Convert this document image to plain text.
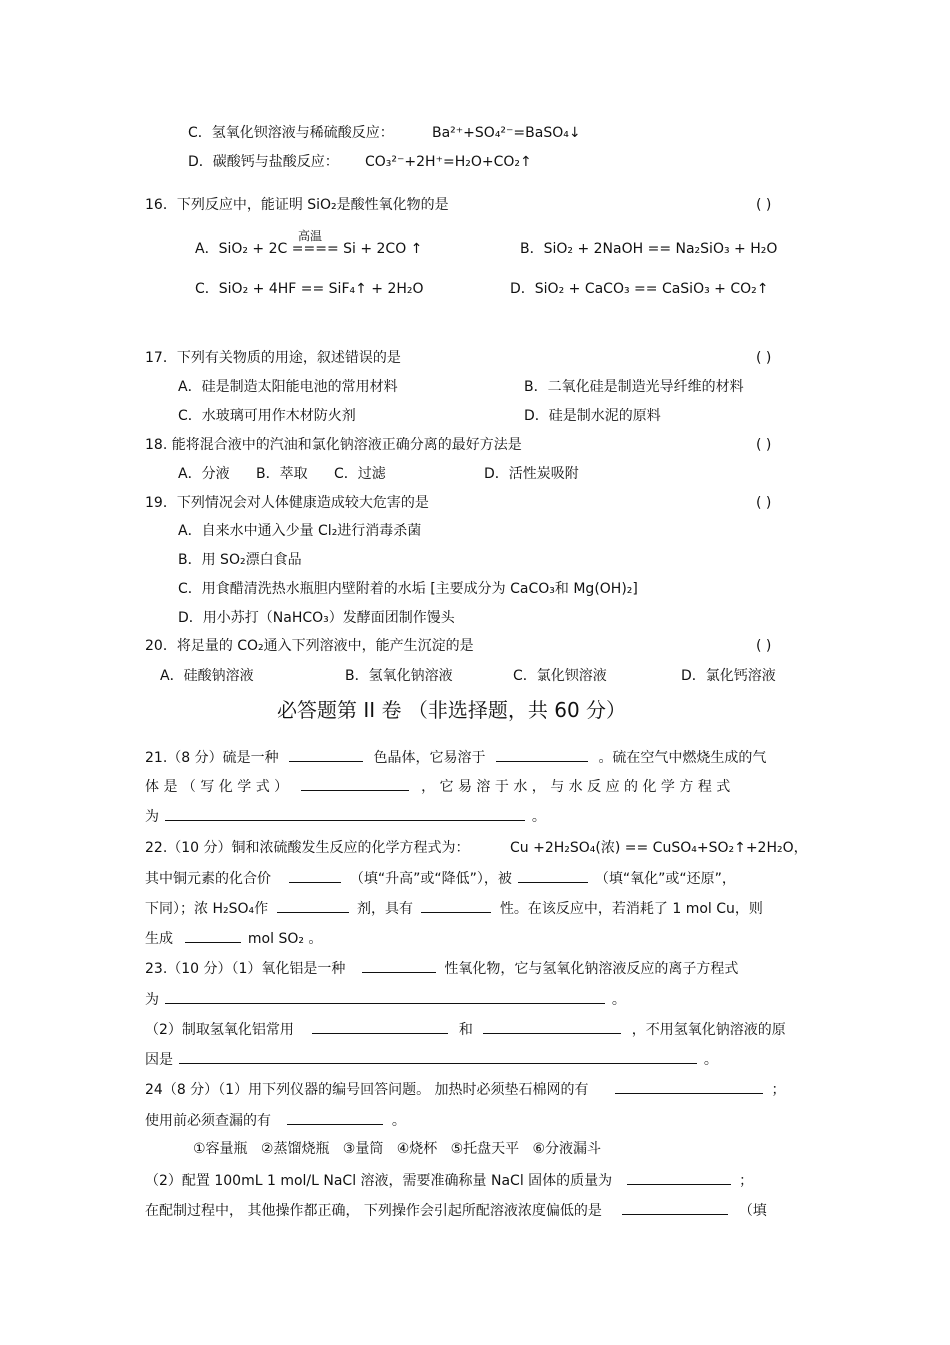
C．氢氧化钡溶液与稀硫酸反应：	Ba²⁺+SO₄²⁻=BaSO₄↓
D．碳酸钙与盐酸反应： CO₃²⁻+2H⁺=H₂O+CO₂↑
16．下列反应中，能证明 SiO₂是酸性氧化物的是	( )
高温
A．SiO₂ + 2C ==== Si + 2CO ↑	B．SiO₂ + 2NaOH == Na₂SiO₃ + H₂O
C．SiO₂ + 4HF == SiF₄↑ + 2H₂O	D．SiO₂ + CaCO₃ == CaSiO₃ + CO₂↑
17．下列有关物质的用途，叙述错误的是	( )
A．硅是制造太阳能电池的常用材料	B．二氧化硅是制造光导纤维的材料
C．水玻璃可用作木材防火剂	D．硅是制水泥的原料
18. 能将混合液中的汽油和氯化钠溶液正确分离的最好方法是	( )
A．分液 B．萃取 C．过滤	D．活性炭吸附
19．下列情况会对人体健康造成较大危害的是	( )
A．自来水中通入少量 Cl₂进行消毒杀菌
B．用 SO₂漂白食品
C．用食醋清洗热水瓶胆内壁附着的水垢 [主要成分为 CaCO₃和 Mg(OH)₂]
D．用小苏打（NaHCO₃）发酵面团制作馒头
20．将足量的 CO₂通入下列溶液中，能产生沉淀的是	( )
A．硅酸钠溶液	B．氢氧化钠溶液	C．氯化钡溶液	D．氯化钙溶液
必答题第 II 卷 （非选择题，共 60 分）
21.（8 分）硫是一种	色晶体，它易溶于	。硫在空气中燃烧生成的气
体 是 （ 写 化 学 式 ）	， 它 易 溶 于 水 ， 与 水 反 应 的 化 学 方 程 式
为	。
22.（10 分）铜和浓硫酸发生反应的化学方程式为：	Cu +2H₂SO₄(浓) == CuSO₄+SO₂↑+2H₂O，
其中铜元素的化合价	（填“升高”或“降低”），被	（填“氧化”或“还原”，
下同）；浓 H₂SO₄作	剂，具有	性。在该反应中，若消耗了 1 mol Cu，则
生成	mol SO₂ 。
23.（10 分）（1）氧化铝是一种	性氧化物，它与氢氧化钠溶液反应的离子方程式
为	。
（2）制取氢氧化铝常用	和	，不用氢氧化钠溶液的原
因是	。
24（8 分）（1）用下列仪器的编号回答问题。 加热时必须垫石棉网的有	；
使用前必须查漏的有	。
①容量瓶   ②蒸馏烧瓶   ③量筒   ④烧杯   ⑤托盘天平   ⑥分液漏斗
（2）配置 100mL 1 mol/L NaCl 溶液，需要准确称量 NaCl 固体的质量为	；
在配制过程中， 其他操作都正确， 下列操作会引起所配溶液浓度偏低的是	（填
